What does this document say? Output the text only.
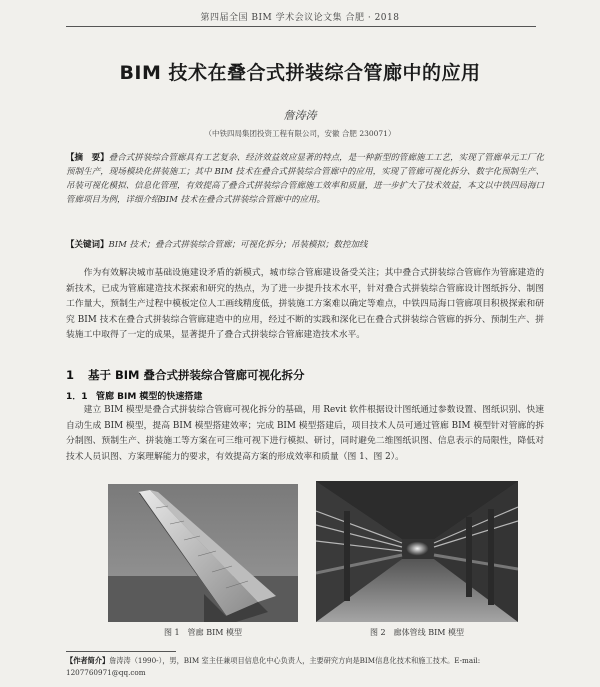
第四届全国 BIM 学术会议论文集 合肥 · 2018
BIM 技术在叠合式拼装综合管廊中的应用
詹涛涛
（中铁四局集团投资工程有限公司，安徽 合肥 230071）
【摘　要】叠合式拼装综合管廊具有工艺复杂、经济效益效应显著的特点，是一种新型的管廊施工工艺，实现了管廊单元工厂化预制生产，现场模块化拼装施工；其中 BIM 技术在叠合式拼装综合管廊中的应用，实现了管廊可视化拆分、数字化预制生产、吊装可视化模拟、信息化管理，有效提高了叠合式拼装综合管廊施工效率和质量，进一步扩大了技术效益，本文以中铁四局海口管廊项目为例，详细介绍BIM 技术在叠合式拼装综合管廊中的应用。
【关键词】BIM 技术；叠合式拼装综合管廊；可视化拆分；吊装模拟；数控加线
作为有效解决城市基础设施建设矛盾的新模式，城市综合管廊建设备受关注；其中叠合式拼装综合管廊作为管廊建造的新技术，已成为管廊建造技术探索和研究的热点，为了进一步提升技术水平，针对叠合式拼装综合管廊设计图纸拆分、制图工作量大，预制生产过程中模板定位人工画线精度低，拼装施工方案难以确定等难点，中铁四局海口管廊项目积极探索和研究 BIM 技术在叠合式拼装综合管廊建造中的应用，经过不断的实践和深化已在叠合式拼装综合管廊的拆分、预制生产、拼装施工中取得了一定的成果，显著提升了叠合式拼装综合管廊建造技术水平。
1 基于 BIM 叠合式拼装综合管廊可视化拆分
1．1 管廊 BIM 模型的快速搭建
建立 BIM 模型是叠合式拼装综合管廊可视化拆分的基础，用 Revit 软件根据设计图纸通过参数设置、图纸识别、快速自动生成 BIM 模型，提高 BIM 模型搭建效率；完成 BIM 模型搭建后，项目技术人员可通过管廊 BIM 模型针对管廊的拆分制图、预制生产、拼装施工等方案在可三维可视下进行模拟、研讨，同时避免二维图纸识图、信息表示的局限性，降低对技术人员识图、方案理解能力的要求，有效提高方案的形成效率和质量（图 1、图 2）。
图 1　管廊 BIM 模型	图 2　廊体管线 BIM 模型
【作者简介】詹涛涛（1990-），男，BIM 室主任兼项目信息化中心负责人，主要研究方向是BIM信息化技术和施工技术。E-mail: 1207760971@qq.com
